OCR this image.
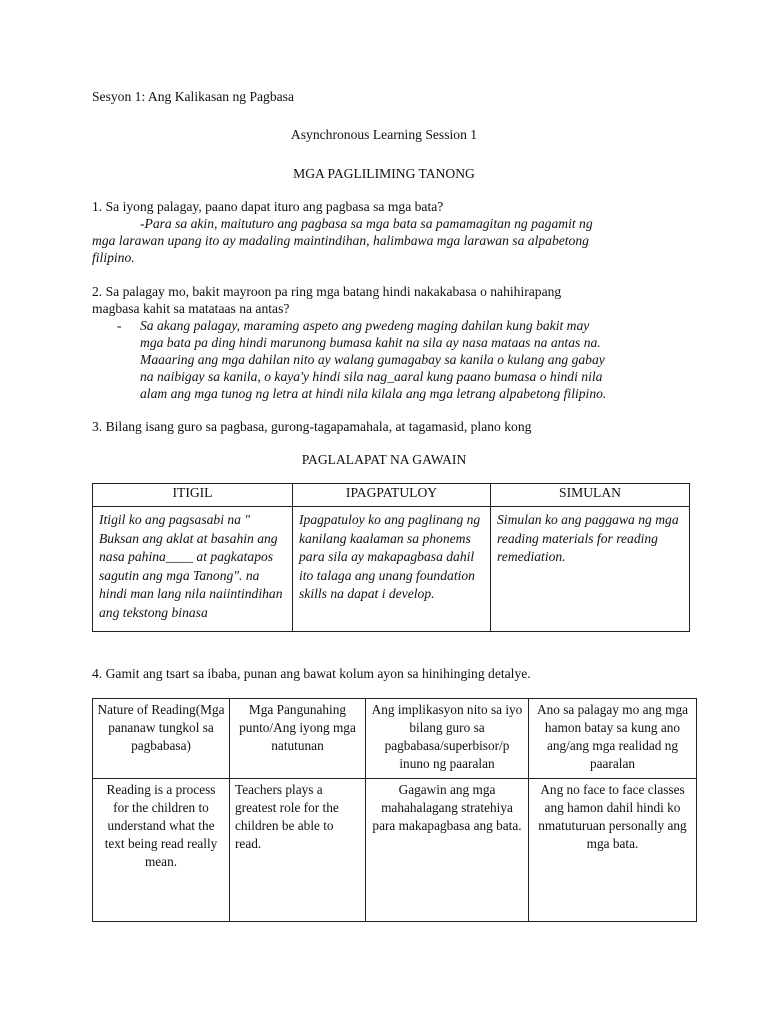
Sesyon 1: Ang Kalikasan ng Pagbasa
Asynchronous Learning Session 1
MGA PAGLILIMING TANONG
1. Sa iyong palagay, paano dapat ituro ang pagbasa sa mga bata?
-Para sa akin, maituturo ang pagbasa sa mga bata sa pamamagitan ng pagamit ng
mga larawan upang ito ay madaling maintindihan, halimbawa mga larawan sa alpabetong
filipino.
2. Sa palagay mo, bakit mayroon pa ring mga batang hindi nakakabasa o nahihirapang
magbasa kahit sa matataas na antas?
- Sa akang palagay, maraming aspeto ang pwedeng maging dahilan kung bakit may
mga bata pa ding hindi marunong bumasa kahit na sila ay nasa mataas na antas na.
Maaaring ang mga dahilan nito ay walang gumagabay sa kanila o kulang ang gabay
na naibigay sa kanila, o kaya'y hindi sila nag_aaral kung paano bumasa o hindi nila
alam ang mga tunog ng letra at hindi nila kilala ang mga letrang alpabetong filipino.
3. Bilang isang guro sa pagbasa, gurong-tagapamahala, at tagamasid, plano kong
PAGLALAPAT NA GAWAIN
ITIGIL	IPAGPATULOY	SIMULAN
Itigil ko ang pagsasabi na " Buksan ang aklat at basahin ang nasa pahina____ at pagkatapos sagutin ang mga Tanong". na hindi man lang nila naiintindihan ang tekstong binasa	Ipagpatuloy ko ang paglinang ng kanilang kaalaman sa phonems para sila ay makapagbasa dahil ito talaga ang unang foundation skills na dapat i develop.	Simulan ko ang paggawa ng mga reading materials for reading remediation.
4. Gamit ang tsart sa ibaba, punan ang bawat kolum ayon sa hinihinging detalye.
Nature of Reading(Mga pananaw tungkol sa pagbabasa)	Mga Pangunahing punto/Ang iyong mga natutunan	Ang implikasyon nito sa iyo bilang guro sa pagbabasa/superbisor/p inuno ng paaralan	Ano sa palagay mo ang mga hamon batay sa kung ano ang/ang mga realidad ng paaralan
Reading is a process for the children to understand what the text being read really mean.	Teachers plays a greatest role for the children be able to read.	Gagawin ang mga mahahalagang stratehiya para makapagbasa ang bata.	Ang no face to face classes ang hamon dahil hindi ko nmatuturuan personally ang mga bata.
